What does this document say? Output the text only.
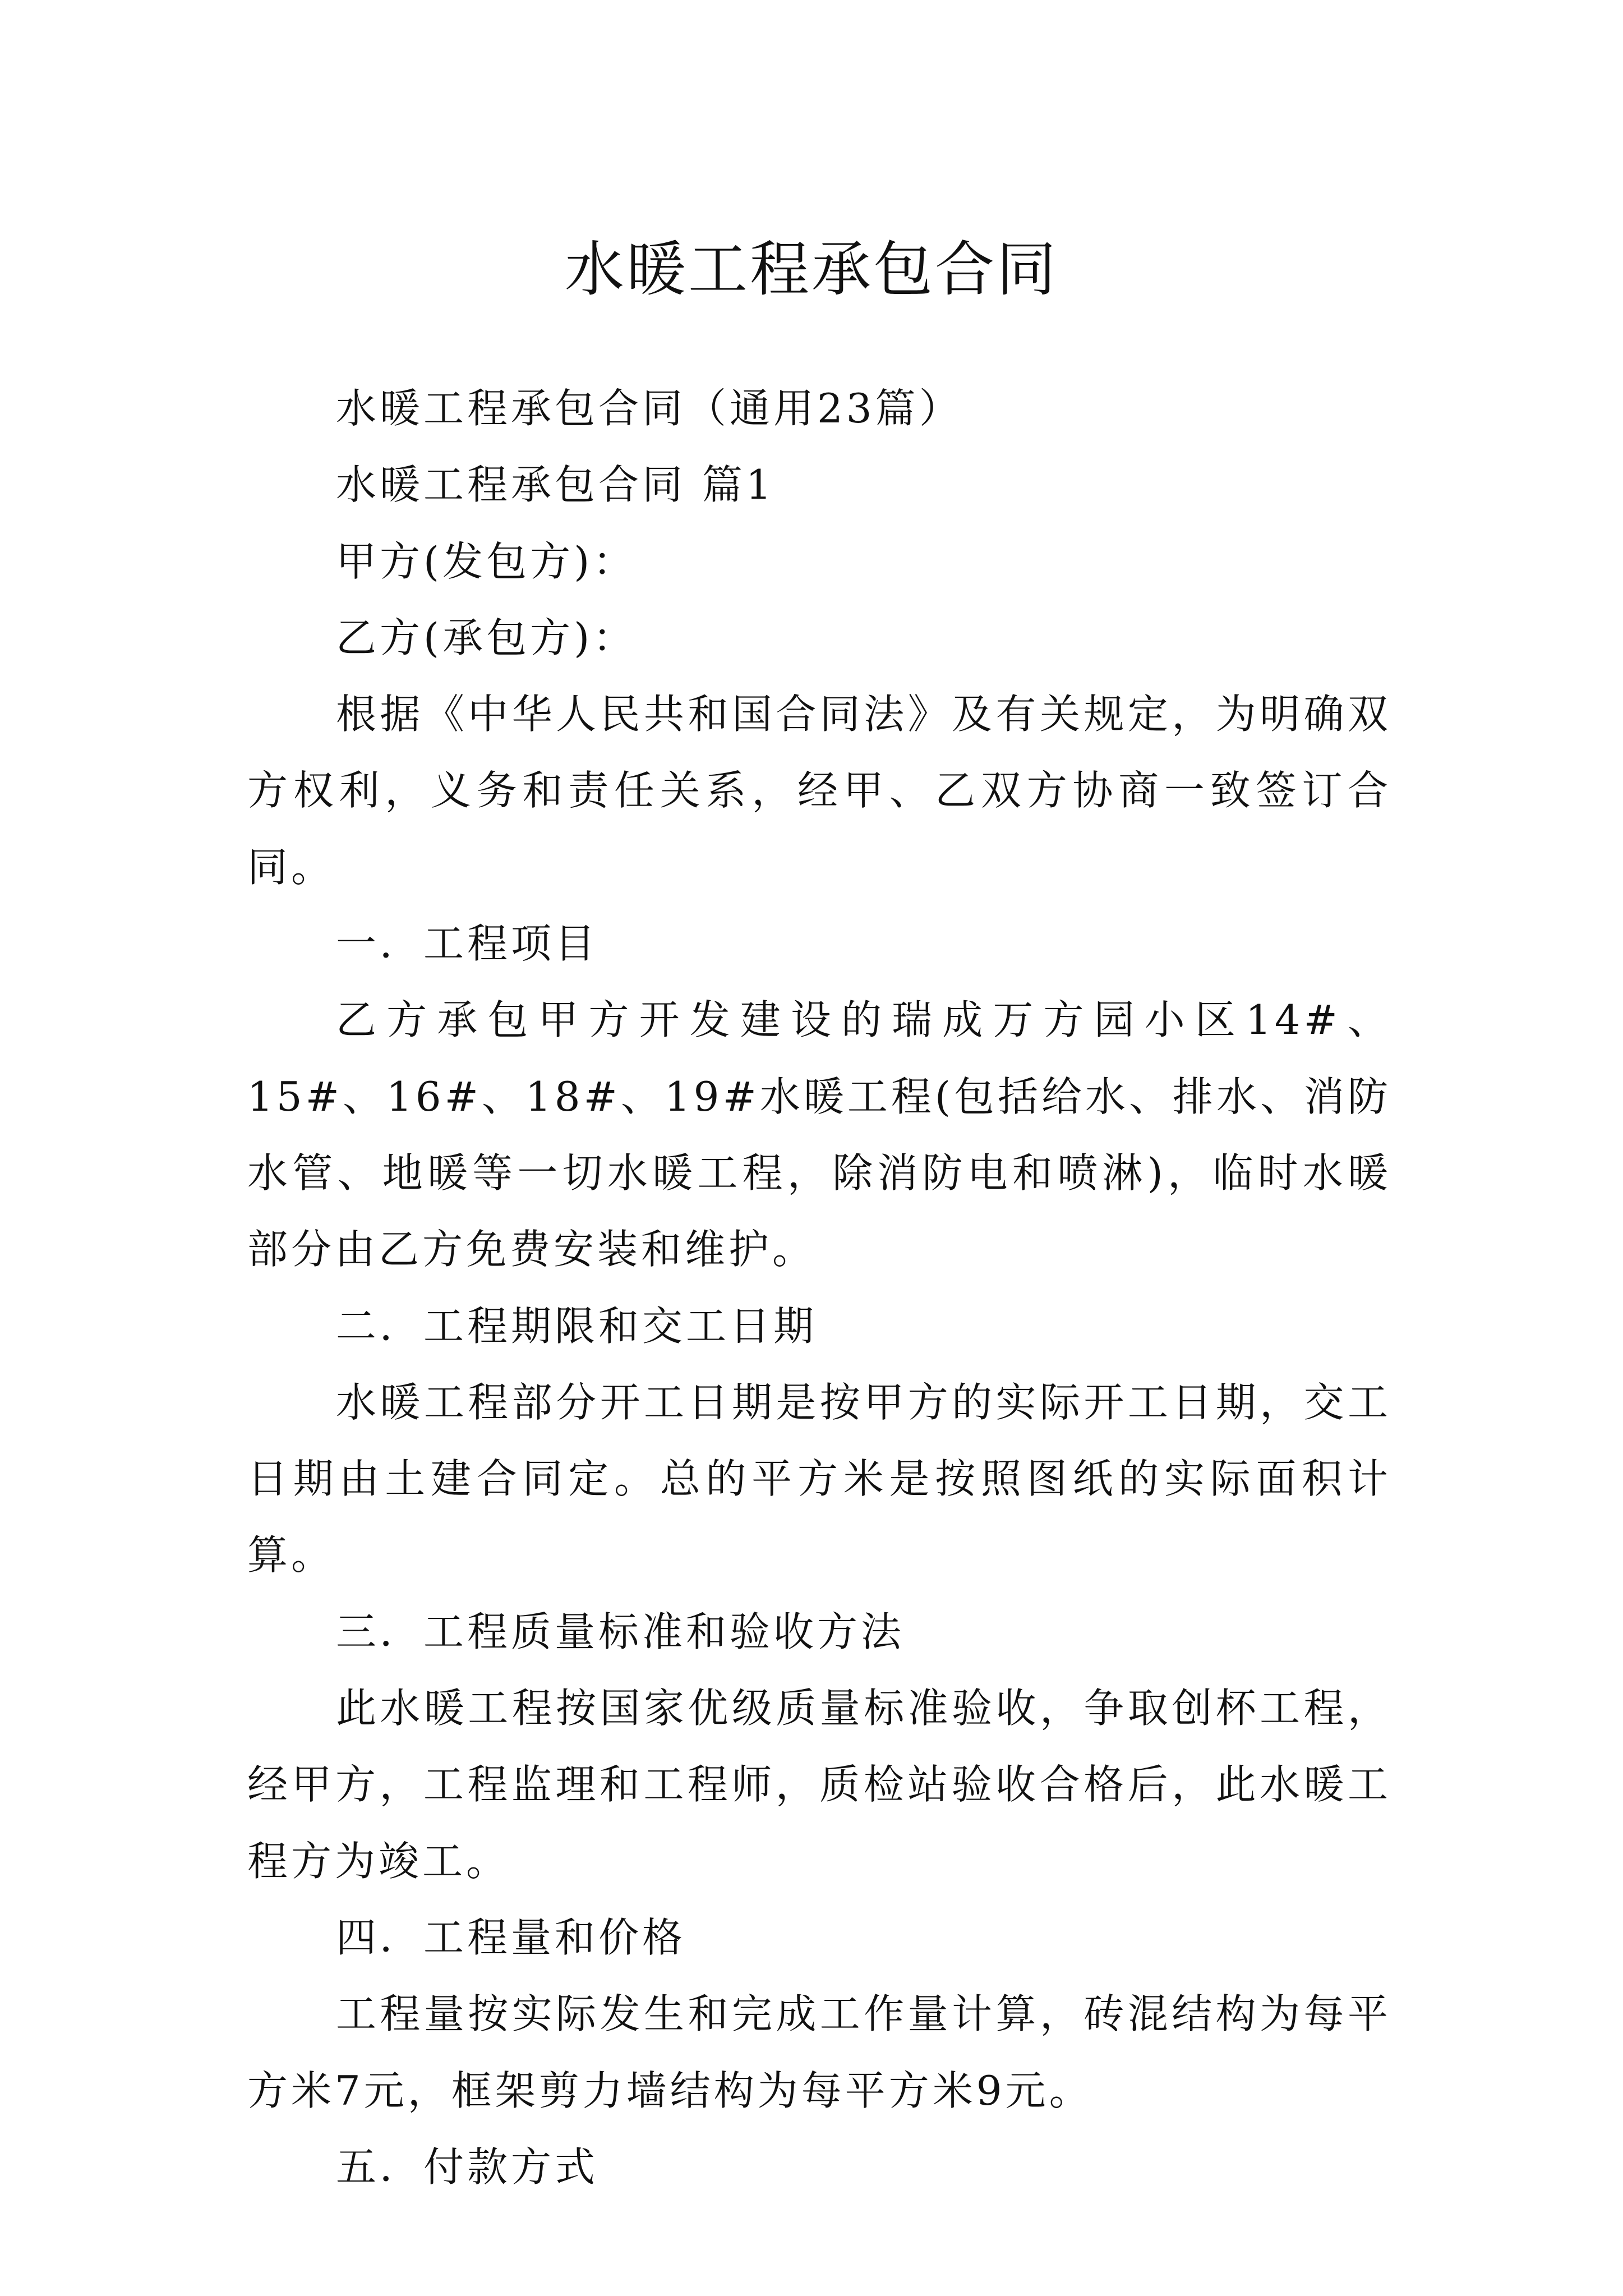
水暖工程承包合同

水暖工程承包合同（通用23篇）

水暖工程承包合同 篇1

甲方(发包方)：

乙方(承包方)：

根据《中华人民共和国合同法》及有关规定，为明确双方权利，义务和责任关系，经甲、乙双方协商一致签订合同。

一．工程项目

乙方承包甲方开发建设的瑞成万方园小区14#、15#、16#、18#、19#水暖工程(包括给水、排水、消防水管、地暖等一切水暖工程，除消防电和喷淋)，临时水暖部分由乙方免费安装和维护。

二．工程期限和交工日期

水暖工程部分开工日期是按甲方的实际开工日期，交工日期由土建合同定。总的平方米是按照图纸的实际面积计算。

三．工程质量标准和验收方法

此水暖工程按国家优级质量标准验收，争取创杯工程，经甲方，工程监理和工程师，质检站验收合格后，此水暖工程方为竣工。

四．工程量和价格

工程量按实际发生和完成工作量计算，砖混结构为每平方米7元，框架剪力墙结构为每平方米9元。

五．付款方式
